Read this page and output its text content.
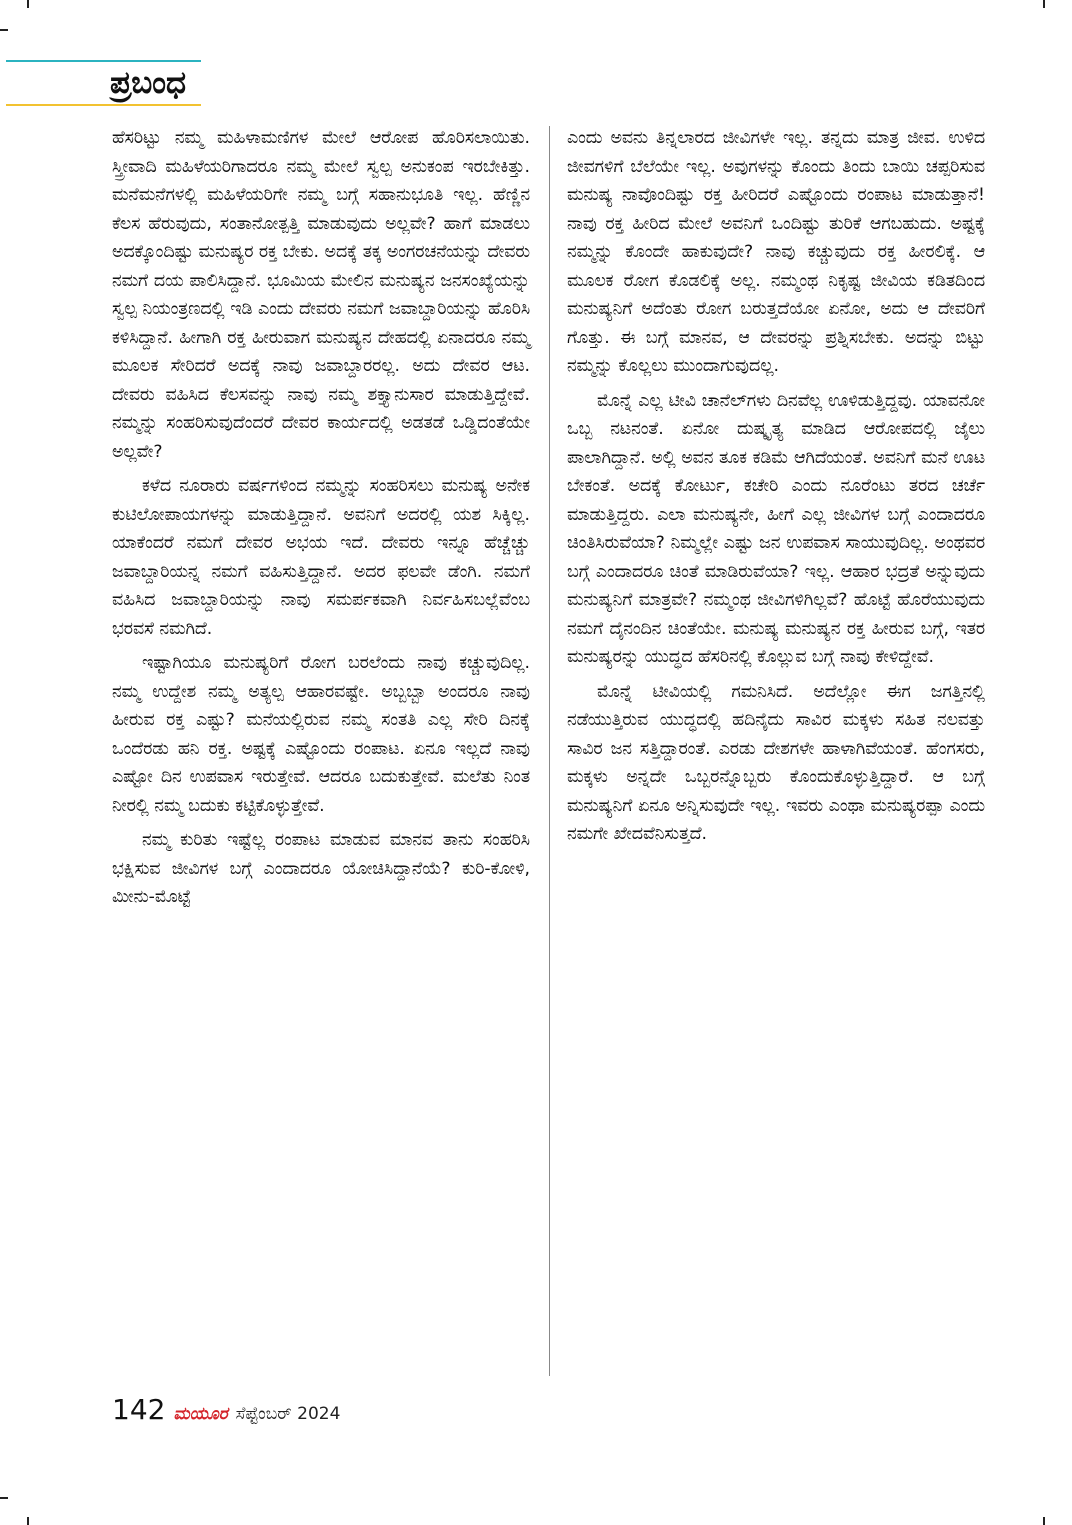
ಪ್ರಬಂಧ

ಹೆಸರಿಟ್ಟು ನಮ್ಮ ಮಹಿಳಾಮಣಿಗಳ ಮೇಲೆ ಆರೋಪ ಹೊರಿಸಲಾಯಿತು. ಸ್ತ್ರೀವಾದಿ ಮಹಿಳೆಯರಿಗಾದರೂ ನಮ್ಮ ಮೇಲೆ ಸ್ವಲ್ಪ ಅನುಕಂಪ ಇರಬೇಕಿತ್ತು. ಮನೆಮನೆಗಳಲ್ಲಿ ಮಹಿಳೆಯರಿಗೇ ನಮ್ಮ ಬಗ್ಗೆ ಸಹಾನುಭೂತಿ ಇಲ್ಲ. ಹೆಣ್ಣಿನ ಕೆಲಸ ಹೆರುವುದು, ಸಂತಾನೋತ್ಪತ್ತಿ ಮಾಡುವುದು ಅಲ್ಲವೇ? ಹಾಗೆ ಮಾಡಲು ಅದಕ್ಕೊಂದಿಷ್ಟು ಮನುಷ್ಯರ ರಕ್ತ ಬೇಕು. ಅದಕ್ಕೆ ತಕ್ಕ ಅಂಗರಚನೆಯನ್ನು ದೇವರು ನಮಗೆ ದಯ ಪಾಲಿಸಿದ್ದಾನೆ. ಭೂಮಿಯ ಮೇಲಿನ ಮನುಷ್ಯನ ಜನಸಂಖ್ಯೆಯನ್ನು ಸ್ವಲ್ಪ ನಿಯಂತ್ರಣದಲ್ಲಿ ಇಡಿ ಎಂದು ದೇವರು ನಮಗೆ ಜವಾಬ್ದಾರಿಯನ್ನು ಹೊರಿಸಿ ಕಳಿಸಿದ್ದಾನೆ. ಹೀಗಾಗಿ ರಕ್ತ ಹೀರುವಾಗ ಮನುಷ್ಯನ ದೇಹದಲ್ಲಿ ಏನಾದರೂ ನಮ್ಮ ಮೂಲಕ ಸೇರಿದರೆ ಅದಕ್ಕೆ ನಾವು ಜವಾಬ್ದಾರರಲ್ಲ. ಅದು ದೇವರ ಆಟ. ದೇವರು ವಹಿಸಿದ ಕೆಲಸವನ್ನು ನಾವು ನಮ್ಮ ಶಕ್ತ್ಯಾನುಸಾರ ಮಾಡುತ್ತಿದ್ದೇವೆ. ನಮ್ಮನ್ನು ಸಂಹರಿಸುವುದೆಂದರೆ ದೇವರ ಕಾರ್ಯದಲ್ಲಿ ಅಡತಡೆ ಒಡ್ಡಿದಂತೆಯೇ ಅಲ್ಲವೇ?

ಕಳೆದ ನೂರಾರು ವರ್ಷಗಳಿಂದ ನಮ್ಮನ್ನು ಸಂಹರಿಸಲು ಮನುಷ್ಯ ಅನೇಕ ಕುಟಿಲೋಪಾಯಗಳನ್ನು ಮಾಡುತ್ತಿದ್ದಾನೆ. ಅವನಿಗೆ ಅದರಲ್ಲಿ ಯಶ ಸಿಕ್ಕಿಲ್ಲ. ಯಾಕೆಂದರೆ ನಮಗೆ ದೇವರ ಅಭಯ ಇದೆ. ದೇವರು ಇನ್ನೂ ಹೆಚ್ಚೆಚ್ಚು ಜವಾಬ್ದಾರಿಯನ್ನ ನಮಗೆ ವಹಿಸುತ್ತಿದ್ದಾನೆ. ಅದರ ಫಲವೇ ಡೆಂಗಿ. ನಮಗೆ ವಹಿಸಿದ ಜವಾಬ್ದಾರಿಯನ್ನು ನಾವು ಸಮರ್ಪಕವಾಗಿ ನಿರ್ವಹಿಸಬಲ್ಲೆವೆಂಬ ಭರವಸೆ ನಮಗಿದೆ.

ಇಷ್ಟಾಗಿಯೂ ಮನುಷ್ಯರಿಗೆ ರೋಗ ಬರಲೆಂದು ನಾವು ಕಚ್ಚುವುದಿಲ್ಲ. ನಮ್ಮ ಉದ್ದೇಶ ನಮ್ಮ ಅತ್ಯಲ್ಪ ಆಹಾರವಷ್ಟೇ. ಅಬ್ಬಬ್ಬಾ ಅಂದರೂ ನಾವು ಹೀರುವ ರಕ್ತ ಎಷ್ಟು? ಮನೆಯಲ್ಲಿರುವ ನಮ್ಮ ಸಂತತಿ ಎಲ್ಲ ಸೇರಿ ದಿನಕ್ಕೆ ಒಂದೆರಡು ಹನಿ ರಕ್ತ. ಅಷ್ಟಕ್ಕೆ ಎಷ್ಟೊಂದು ರಂಪಾಟ. ಏನೂ ಇಲ್ಲದೆ ನಾವು ಎಷ್ಟೋ ದಿನ ಉಪವಾಸ ಇರುತ್ತೇವೆ. ಆದರೂ ಬದುಕುತ್ತೇವೆ. ಮಲೆತು ನಿಂತ ನೀರಲ್ಲಿ ನಮ್ಮ ಬದುಕು ಕಟ್ಟಿಕೊಳ್ಳುತ್ತೇವೆ.

ನಮ್ಮ ಕುರಿತು ಇಷ್ಟೆಲ್ಲ ರಂಪಾಟ ಮಾಡುವ ಮಾನವ ತಾನು ಸಂಹರಿಸಿ ಭಕ್ಷಿಸುವ ಜೀವಿಗಳ ಬಗ್ಗೆ ಎಂದಾದರೂ ಯೋಚಿಸಿದ್ದಾನೆಯೆ? ಕುರಿ-ಕೋಳಿ, ಮೀನು-ಮೊಟ್ಟೆ

ಎಂದು ಅವನು ತಿನ್ನಲಾರದ ಜೀವಿಗಳೇ ಇಲ್ಲ. ತನ್ನದು ಮಾತ್ರ ಜೀವ. ಉಳಿದ ಜೀವಗಳಿಗೆ ಬೆಲೆಯೇ ಇಲ್ಲ. ಅವುಗಳನ್ನು ಕೊಂದು ತಿಂದು ಬಾಯಿ ಚಪ್ಪರಿಸುವ ಮನುಷ್ಯ ನಾವೊಂದಿಷ್ಟು ರಕ್ತ ಹೀರಿದರೆ ಎಷ್ಟೊಂದು ರಂಪಾಟ ಮಾಡುತ್ತಾನೆ! ನಾವು ರಕ್ತ ಹೀರಿದ ಮೇಲೆ ಅವನಿಗೆ ಒಂದಿಷ್ಟು ತುರಿಕೆ ಆಗಬಹುದು. ಅಷ್ಟಕ್ಕೆ ನಮ್ಮನ್ನು ಕೊಂದೇ ಹಾಕುವುದೇ? ನಾವು ಕಚ್ಚುವುದು ರಕ್ತ ಹೀರಲಿಕ್ಕೆ. ಆ ಮೂಲಕ ರೋಗ ಕೊಡಲಿಕ್ಕೆ ಅಲ್ಲ. ನಮ್ಮಂಥ ನಿಕೃಷ್ಟ ಜೀವಿಯ ಕಡಿತದಿಂದ ಮನುಷ್ಯನಿಗೆ ಅದೆಂತು ರೋಗ ಬರುತ್ತದೆಯೋ ಏನೋ, ಅದು ಆ ದೇವರಿಗೆ ಗೊತ್ತು. ಈ ಬಗ್ಗೆ ಮಾನವ, ಆ ದೇವರನ್ನು ಪ್ರಶ್ನಿಸಬೇಕು. ಅದನ್ನು ಬಿಟ್ಟು ನಮ್ಮನ್ನು ಕೊಲ್ಲಲು ಮುಂದಾಗುವುದಲ್ಲ.

ಮೊನ್ನೆ ಎಲ್ಲ ಟೀವಿ ಚಾನೆಲ್‌ಗಳು ದಿನವೆಲ್ಲ ಊಳಿಡುತ್ತಿದ್ದವು. ಯಾವನೋ ಒಬ್ಬ ನಟನಂತೆ. ಏನೋ ದುಷ್ಕೃತ್ಯ ಮಾಡಿದ ಆರೋಪದಲ್ಲಿ ಜೈಲು ಪಾಲಾಗಿದ್ದಾನೆ. ಅಲ್ಲಿ ಅವನ ತೂಕ ಕಡಿಮೆ ಆಗಿದೆಯಂತೆ. ಅವನಿಗೆ ಮನೆ ಊಟ ಬೇಕಂತೆ. ಅದಕ್ಕೆ ಕೋರ್ಟು, ಕಚೇರಿ ಎಂದು ನೂರೆಂಟು ತರದ ಚರ್ಚೆ ಮಾಡುತ್ತಿದ್ದರು. ಎಲಾ ಮನುಷ್ಯನೇ, ಹೀಗೆ ಎಲ್ಲ ಜೀವಿಗಳ ಬಗ್ಗೆ ಎಂದಾದರೂ ಚಿಂತಿಸಿರುವೆಯಾ? ನಿಮ್ಮಲ್ಲೇ ಎಷ್ಟು ಜನ ಉಪವಾಸ ಸಾಯುವುದಿಲ್ಲ. ಅಂಥವರ ಬಗ್ಗೆ ಎಂದಾದರೂ ಚಿಂತೆ ಮಾಡಿರುವೆಯಾ? ಇಲ್ಲ. ಆಹಾರ ಭದ್ರತೆ ಅನ್ನುವುದು ಮನುಷ್ಯನಿಗೆ ಮಾತ್ರವೇ? ನಮ್ಮಂಥ ಜೀವಿಗಳಿಗಿಲ್ಲವೆ? ಹೊಟ್ಟೆ ಹೊರೆಯುವುದು ನಮಗೆ ದೈನಂದಿನ ಚಿಂತೆಯೇ. ಮನುಷ್ಯ ಮನುಷ್ಯನ ರಕ್ತ ಹೀರುವ ಬಗ್ಗೆ, ಇತರ ಮನುಷ್ಯರನ್ನು ಯುದ್ಧದ ಹೆಸರಿನಲ್ಲಿ ಕೊಲ್ಲುವ ಬಗ್ಗೆ ನಾವು ಕೇಳಿದ್ದೇವೆ.

ಮೊನ್ನೆ ಟೀವಿಯಲ್ಲಿ ಗಮನಿಸಿದೆ. ಅದೆಲ್ಲೋ ಈಗ ಜಗತ್ತಿನಲ್ಲಿ ನಡೆಯುತ್ತಿರುವ ಯುದ್ಧದಲ್ಲಿ ಹದಿನೈದು ಸಾವಿರ ಮಕ್ಕಳು ಸಹಿತ ನಲವತ್ತು ಸಾವಿರ ಜನ ಸತ್ತಿದ್ದಾರಂತೆ. ಎರಡು ದೇಶಗಳೇ ಹಾಳಾಗಿವೆಯಂತೆ. ಹೆಂಗಸರು, ಮಕ್ಕಳು ಅನ್ನದೇ ಒಬ್ಬರನ್ನೊಬ್ಬರು ಕೊಂದುಕೊಳ್ಳುತ್ತಿದ್ದಾರೆ. ಆ ಬಗ್ಗೆ ಮನುಷ್ಯನಿಗೆ ಏನೂ ಅನ್ನಿಸುವುದೇ ಇಲ್ಲ. ಇವರು ಎಂಥಾ ಮನುಷ್ಯರಪ್ಪಾ ಎಂದು ನಮಗೇ ಖೇದವೆನಿಸುತ್ತದೆ.

142 ಮಯೂರ ಸೆಪ್ಟೆಂಬರ್ 2024
